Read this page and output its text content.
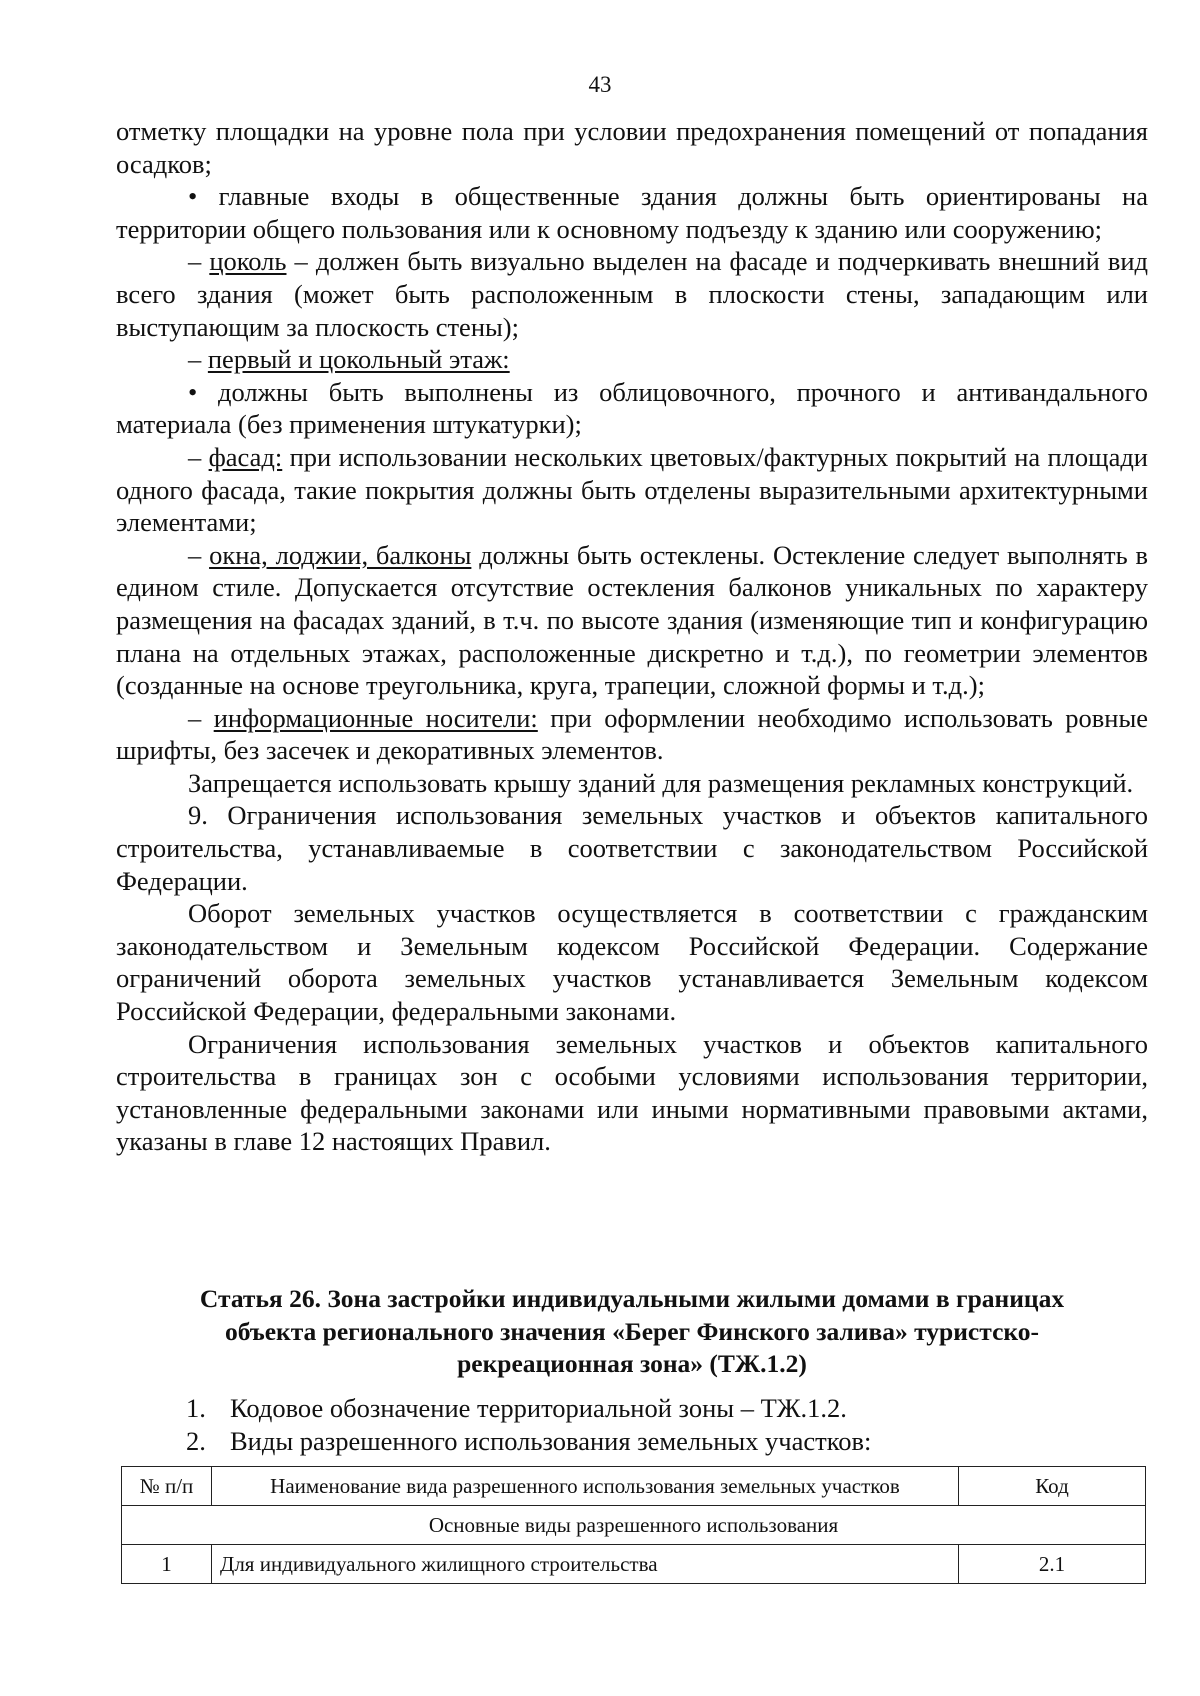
43

отметку площадки на уровне пола при условии предохранения помещений от попадания осадков;

• главные входы в общественные здания должны быть ориентированы на территории общего пользования или к основному подъезду к зданию или сооружению;

– цоколь – должен быть визуально выделен на фасаде и подчеркивать внешний вид всего здания (может быть расположенным в плоскости стены, западающим или выступающим за плоскость стены);

– первый и цокольный этаж:

• должны быть выполнены из облицовочного, прочного и антивандального материала (без применения штукатурки);

– фасад: при использовании нескольких цветовых/фактурных покрытий на площади одного фасада, такие покрытия должны быть отделены выразительными архитектурными элементами;

– окна, лоджии, балконы должны быть остеклены. Остекление следует выполнять в едином стиле. Допускается отсутствие остекления балконов уникальных по характеру размещения на фасадах зданий, в т.ч. по высоте здания (изменяющие тип и конфигурацию плана на отдельных этажах, расположенные дискретно и т.д.), по геометрии элементов (созданные на основе треугольника, круга, трапеции, сложной формы и т.д.);

– информационные носители: при оформлении необходимо использовать ровные шрифты, без засечек и декоративных элементов.

Запрещается использовать крышу зданий для размещения рекламных конструкций.

9. Ограничения использования земельных участков и объектов капитального строительства, устанавливаемые в соответствии с законодательством Российской Федерации.

Оборот земельных участков осуществляется в соответствии с гражданским законодательством и Земельным кодексом Российской Федерации. Содержание ограничений оборота земельных участков устанавливается Земельным кодексом Российской Федерации, федеральными законами.

Ограничения использования земельных участков и объектов капитального строительства в границах зон с особыми условиями использования территории, установленные федеральными законами или иными нормативными правовыми актами, указаны в главе 12 настоящих Правил.

Статья 26. Зона застройки индивидуальными жилыми домами в границах

объекта регионального значения «Берег Финского залива» туристско-

рекреационная зона» (ТЖ.1.2)

1. Кодовое обозначение территориальной зоны – ТЖ.1.2.
2. Виды разрешенного использования земельных участков:
№ п/п	Наименование вида разрешенного использования земельных участков	Код
Основные виды разрешенного использования		
1	Для индивидуального жилищного строительства	2.1
